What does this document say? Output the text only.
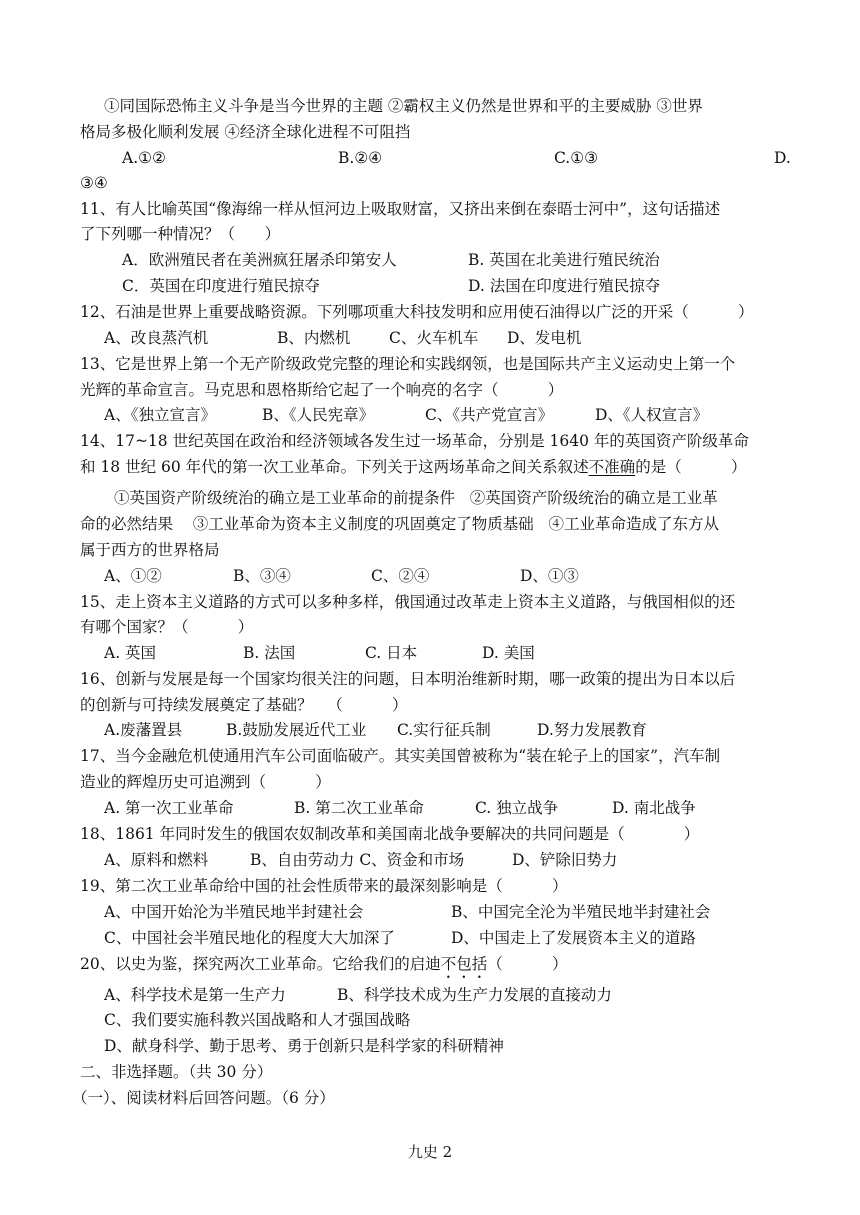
①同国际恐怖主义斗争是当今世界的主题 ②霸权主义仍然是世界和平的主要威胁 ③世界
格局多极化顺利发展 ④经济全球化进程不可阻挡
A.①②	B.②④	C.①③	D.
③④
11、有人比喻英国“像海绵一样从恒河边上吸取财富，又挤出来倒在泰晤士河中”，这句话描述
了下列哪一种情况？（      ）
A．欧洲殖民者在美洲疯狂屠杀印第安人	B. 英国在北美进行殖民统治
C．英国在印度进行殖民掠夺	D. 法国在印度进行殖民掠夺
12、石油是世界上重要战略资源。下列哪项重大科技发明和应用使石油得以广泛的开采（          ）
A、改良蒸汽机	B、内燃机 C、火车机车 D、发电机
13、它是世界上第一个无产阶级政党完整的理论和实践纲领，也是国际共产主义运动史上第一个
光辉的革命宣言。马克思和恩格斯给它起了一个响亮的名字（          ）
A、《独立宣言》	B、《人民宪章》	C、《共产党宣言》	D、《人权宣言》
14、17~18 世纪英国在政治和经济领域各发生过一场革命，分别是 1640 年的英国资产阶级革命
和 18 世纪 60 年代的第一次工业革命。下列关于这两场革命之间关系叙述不准确的是（          ）
①英国资产阶级统治的确立是工业革命的前提条件   ②英国资产阶级统治的确立是工业革
命的必然结果    ③工业革命为资本主义制度的巩固奠定了物质基础   ④工业革命造成了东方从
属于西方的世界格局
A、①②	B、③④	C、②④	D、①③
15、走上资本主义道路的方式可以多种多样，俄国通过改革走上资本主义道路，与俄国相似的还
有哪个国家？（          ）
A. 英国	B. 法国	C. 日本	D. 美国
16、创新与发展是每一个国家均很关注的问题，日本明治维新时期，哪一政策的提出为日本以后
的创新与可持续发展奠定了基础？   （          ）
A.废藩置县	B.鼓励发展近代工业 C.实行征兵制	D.努力发展教育
17、当今金融危机使通用汽车公司面临破产。其实美国曾被称为“装在轮子上的国家”，汽车制
造业的辉煌历史可追溯到（          ）
A. 第一次工业革命	B. 第二次工业革命	C. 独立战争	D. 南北战争
18、1861 年同时发生的俄国农奴制改革和美国南北战争要解决的共同问题是（            ）
A、原料和燃料	B、自由劳动力 C、资金和市场	D、铲除旧势力
19、第二次工业革命给中国的社会性质带来的最深刻影响是（          ）
A、中国开始沦为半殖民地半封建社会	B、中国完全沦为半殖民地半封建社会
C、中国社会半殖民地化的程度大大加深了	D、中国走上了发展资本主义的道路
20、以史为鉴，探究两次工业革命。它给我们的启迪不包括（          ）
A、科学技术是第一生产力	B、科学技术成为生产力发展的直接动力
C、我们要实施科教兴国战略和人才强国战略
D、献身科学、勤于思考、勇于创新只是科学家的科研精神
二、非选择题。（共 30 分）
（一）、阅读材料后回答问题。（6 分）
九史 2
